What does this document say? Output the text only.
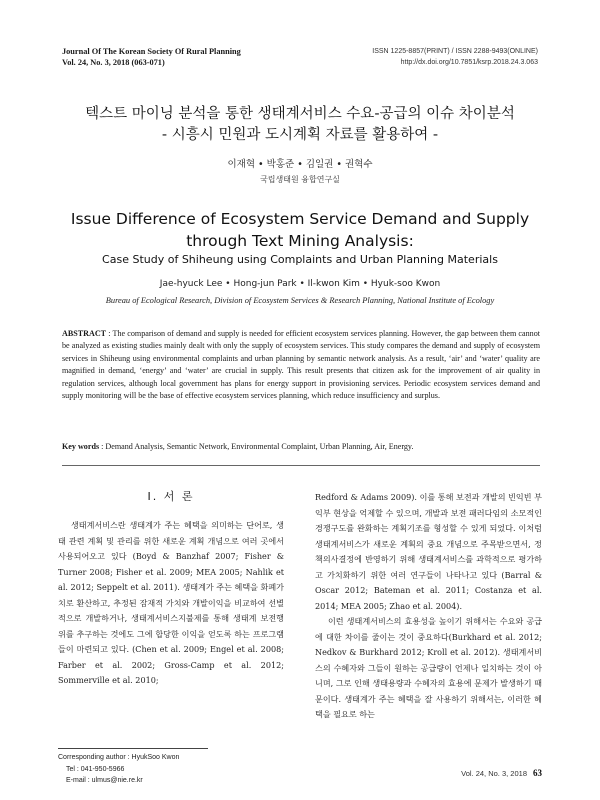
Journal Of The Korean Society Of Rural Planning
Vol. 24, No. 3, 2018 (063-071)
ISSN 1225-8857(PRINT) / ISSN 2288-9493(ONLINE)
http://dx.doi.org/10.7851/ksrp.2018.24.3.063
텍스트 마이닝 분석을 통한 생태계서비스 수요-공급의 이슈 차이분석
- 시흥시 민원과 도시계획 자료를 활용하여 -
이재혁 • 박홍준 • 김일권 • 권혁수
국립생태원 융합연구실
Issue Difference of Ecosystem Service Demand and Supply
through Text Mining Analysis:
Case Study of Shiheung using Complaints and Urban Planning Materials
Jae-hyuck Lee • Hong-jun Park • Il-kwon Kim • Hyuk-soo Kwon
Bureau of Ecological Research, Division of Ecosystem Services & Research Planning, National Institute of Ecology
ABSTRACT : The comparison of demand and supply is needed for efficient ecosystem services planning. However, the gap between them cannot be analyzed as existing studies mainly dealt with only the supply of ecosystem services. This study compares the demand and supply of ecosystem services in Shiheung using environmental complaints and urban planning by semantic network analysis. As a result, ‘air’ and ‘water’ quality are magnified in demand, ‘energy’ and ‘water’ are crucial in supply. This result presents that citizen ask for the improvement of air quality in regulation services, although local government has plans for energy support in provisioning services. Periodic ecosystem services demand and supply monitoring will be the base of effective ecosystem services planning, which reduce insufficiency and surplus.
Key words : Demand Analysis, Semantic Network, Environmental Complaint, Urban Planning, Air, Energy.
Ⅰ. 서 론

생태계서비스란 생태계가 주는 혜택을 의미하는 단어로, 생태 관련 계획 및 관리를 위한 새로운 계획 개념으로 여러 곳에서 사용되어오고 있다 (Boyd & Banzhaf 2007; Fisher & Turner 2008; Fisher et al. 2009; MEA 2005; Nahlik et al. 2012; Seppelt et al. 2011). 생태계가 주는 혜택을 화폐가치로 환산하고, 추정된 잠재적 가치와 개발이익을 비교하여 선별적으로 개발하거나, 생태계서비스지불제를 통해 생태계 보전행위를 추구하는 것에도 그에 합당한 이익을 얻도록 하는 프로그램들이 마련되고 있다. (Chen et al. 2009; Engel et al. 2008; Farber et al. 2002; Gross-Camp et al. 2012; Sommerville et al. 2010;

Redford & Adams 2009). 이를 통해 보전과 개발의 빈익빈 부익부 현상을 억제할 수 있으며, 개발과 보전 패러다임의 소모적인 경쟁구도를 완화하는 계획기조를 형성할 수 있게 되었다. 이처럼 생태계서비스가 새로운 계획의 중요 개념으로 주목받으면서, 정책의사결정에 반영하기 위해 생태계서비스를 과학적으로 평가하고 가치화하기 위한 여러 연구들이 나타나고 있다 (Barral & Oscar 2012; Bateman et al. 2011; Costanza et al. 2014; MEA 2005; Zhao et al. 2004).

이런 생태계서비스의 효용성을 높이기 위해서는 수요와 공급에 대한 차이를 줄이는 것이 중요하다(Burkhard et al. 2012; Nedkov & Burkhard 2012; Kroll et al. 2012). 생태계서비스의 수혜자와 그들이 원하는 공급량이 언제나 일치하는 것이 아니며, 그로 인해 생태용량과 수혜자의 효용에 문제가 발생하기 때문이다. 생태계가 주는 혜택을 잘 사용하기 위해서는, 이러한 혜택을 필요로 하는

Corresponding author : HyukSoo Kwon
Tel : 041-950-5966
E-mail : ulmus@nie.re.kr
Vol. 24, No. 3, 2018 63
